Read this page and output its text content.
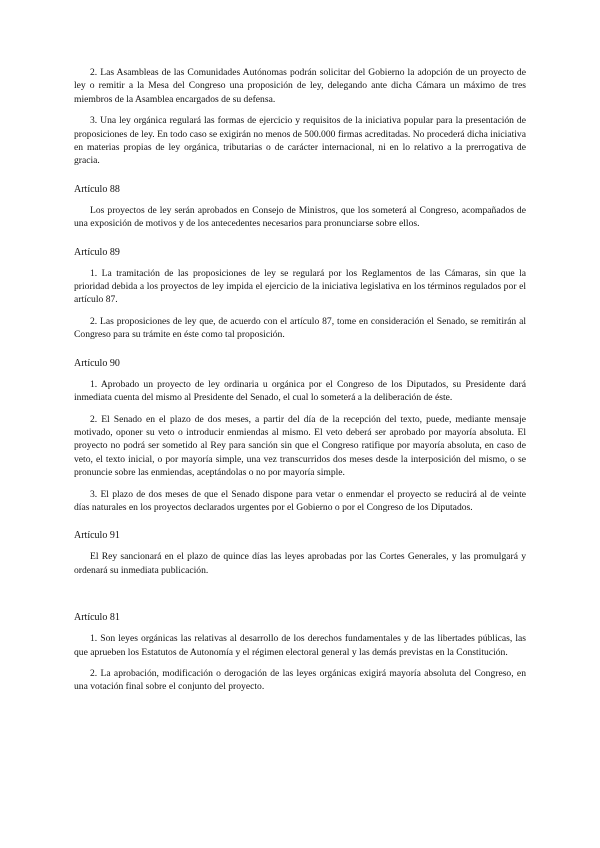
2. Las Asambleas de las Comunidades Autónomas podrán solicitar del Gobierno la adopción de un proyecto de ley o remitir a la Mesa del Congreso una proposición de ley, delegando ante dicha Cámara un máximo de tres miembros de la Asamblea encargados de su defensa.

3. Una ley orgánica regulará las formas de ejercicio y requisitos de la iniciativa popular para la presentación de proposiciones de ley. En todo caso se exigirán no menos de 500.000 firmas acreditadas. No procederá dicha iniciativa en materias propias de ley orgánica, tributarias o de carácter internacional, ni en lo relativo a la prerrogativa de gracia.

Artículo 88

Los proyectos de ley serán aprobados en Consejo de Ministros, que los someterá al Congreso, acompañados de una exposición de motivos y de los antecedentes necesarios para pronunciarse sobre ellos.

Artículo 89

1. La tramitación de las proposiciones de ley se regulará por los Reglamentos de las Cámaras, sin que la prioridad debida a los proyectos de ley impida el ejercicio de la iniciativa legislativa en los términos regulados por el artículo 87.

2. Las proposiciones de ley que, de acuerdo con el artículo 87, tome en consideración el Senado, se remitirán al Congreso para su trámite en éste como tal proposición.

Artículo 90

1. Aprobado un proyecto de ley ordinaria u orgánica por el Congreso de los Diputados, su Presidente dará inmediata cuenta del mismo al Presidente del Senado, el cual lo someterá a la deliberación de éste.

2. El Senado en el plazo de dos meses, a partir del día de la recepción del texto, puede, mediante mensaje motivado, oponer su veto o introducir enmiendas al mismo. El veto deberá ser aprobado por mayoría absoluta. El proyecto no podrá ser sometido al Rey para sanción sin que el Congreso ratifique por mayoría absoluta, en caso de veto, el texto inicial, o por mayoría simple, una vez transcurridos dos meses desde la interposición del mismo, o se pronuncie sobre las enmiendas, aceptándolas o no por mayoría simple.

3. El plazo de dos meses de que el Senado dispone para vetar o enmendar el proyecto se reducirá al de veinte días naturales en los proyectos declarados urgentes por el Gobierno o por el Congreso de los Diputados.

Artículo 91

El Rey sancionará en el plazo de quince días las leyes aprobadas por las Cortes Generales, y las promulgará y ordenará su inmediata publicación.

Artículo 81

1. Son leyes orgánicas las relativas al desarrollo de los derechos fundamentales y de las libertades públicas, las que aprueben los Estatutos de Autonomía y el régimen electoral general y las demás previstas en la Constitución.

2. La aprobación, modificación o derogación de las leyes orgánicas exigirá mayoría absoluta del Congreso, en una votación final sobre el conjunto del proyecto.
